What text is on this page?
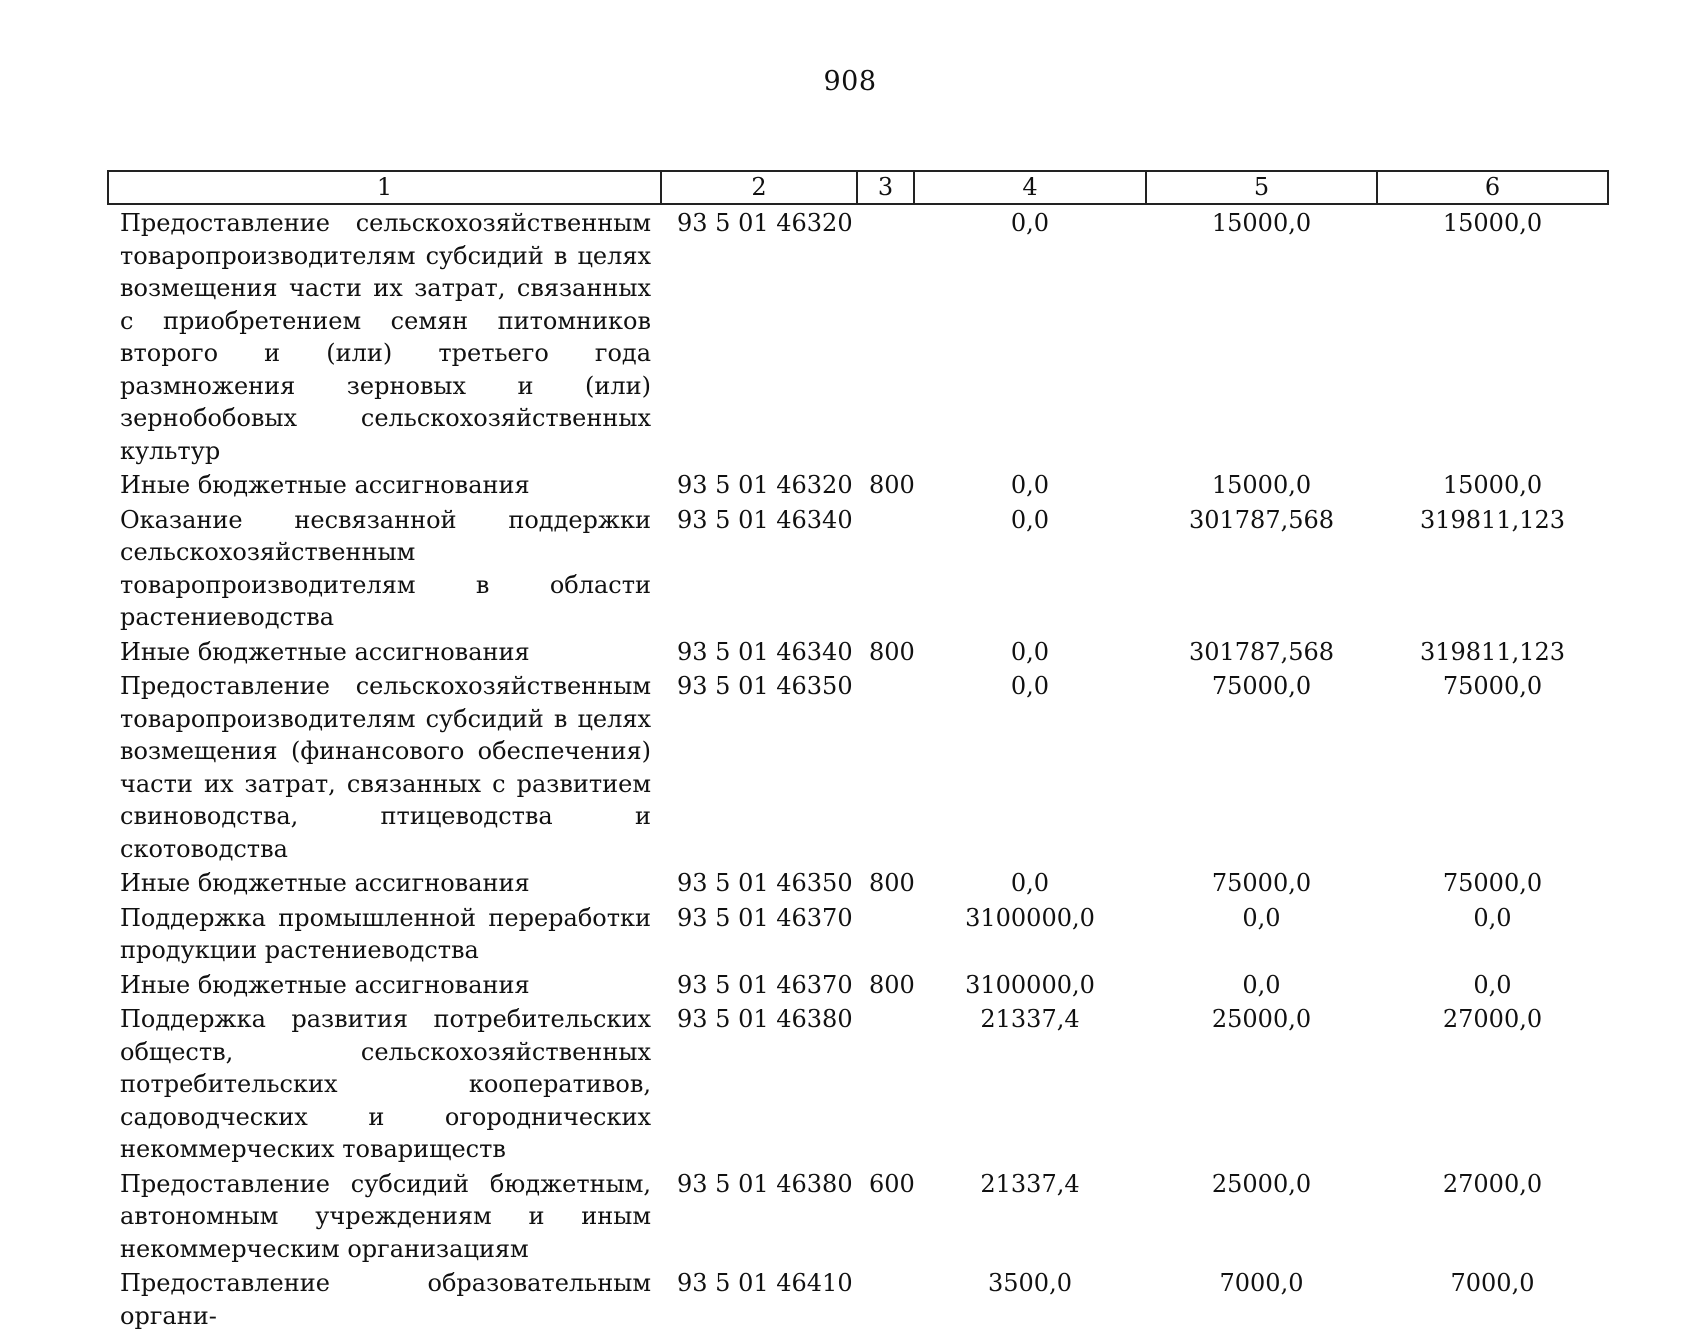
908
1	2	3	4	5	6
Предоставление сельскохозяйственным товаропроизводителям субсидий в целях возмещения части их затрат, связанных с приобретением семян питомников второго и (или) третьего года размножения зерновых и (или) зернобобовых сельскохозяйственных культур	93 5 01 46320		0,0	15000,0	15000,0
Иные бюджетные ассигнования	93 5 01 46320	800	0,0	15000,0	15000,0
Оказание несвязанной поддержки сельскохозяйственным товаропроизводителям в области растениеводства	93 5 01 46340		0,0	301787,568	319811,123
Иные бюджетные ассигнования	93 5 01 46340	800	0,0	301787,568	319811,123
Предоставление сельскохозяйственным товаропроизводителям субсидий в целях возмещения (финансового обеспечения) части их затрат, связанных с развитием свиноводства, птицеводства и скотоводства	93 5 01 46350		0,0	75000,0	75000,0
Иные бюджетные ассигнования	93 5 01 46350	800	0,0	75000,0	75000,0
Поддержка промышленной переработки продукции растениеводства	93 5 01 46370		3100000,0	0,0	0,0
Иные бюджетные ассигнования	93 5 01 46370	800	3100000,0	0,0	0,0
Поддержка развития потребительских обществ, сельскохозяйственных потребительских кооперативов, садоводческих и огороднических некоммерческих товариществ	93 5 01 46380		21337,4	25000,0	27000,0
Предоставление субсидий бюджетным, автономным учреждениям и иным некоммерческим организациям	93 5 01 46380	600	21337,4	25000,0	27000,0
Предоставление образовательным органи-	93 5 01 46410		3500,0	7000,0	7000,0
